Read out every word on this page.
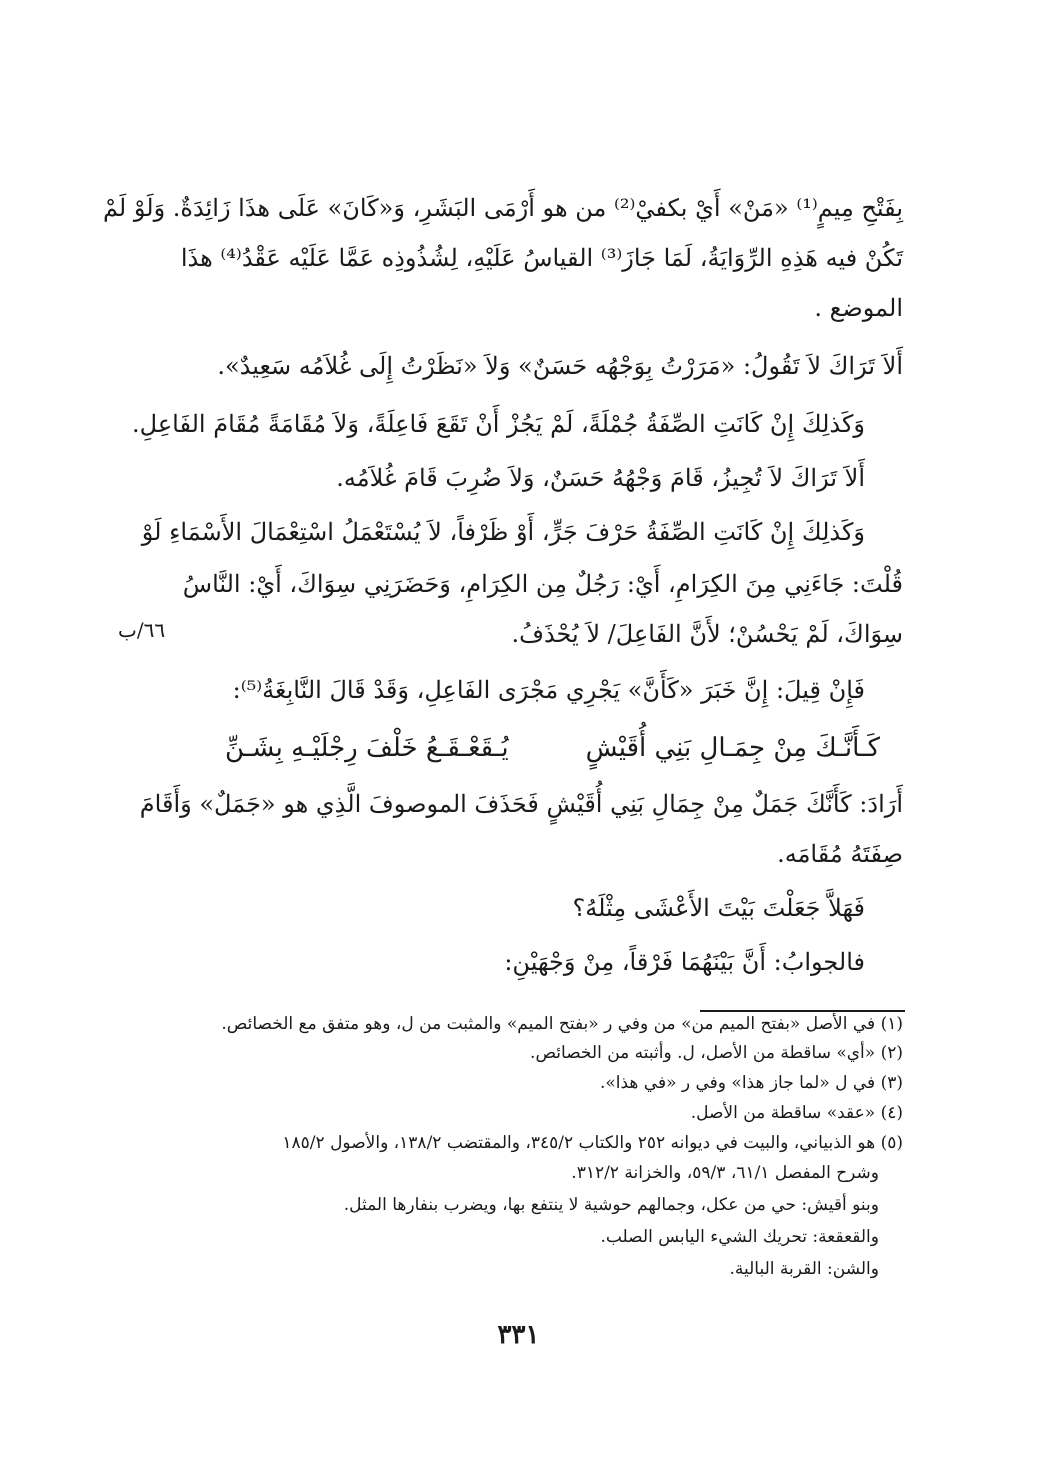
بِفَتْحِ مِيمٍ⁽¹⁾ «مَنْ» أَيْ بكفيْ⁽²⁾ من هو أَرْمَى البَشَرِ، وَ«كَانَ» عَلَى هذَا زَائِدَةٌ. وَلَوْ لَمْ
تَكُنْ فيه هَذِهِ الرِّوَايَةُ، لَمَا جَازَ⁽³⁾ القياسُ عَلَيْهِ، لِشُذُوذِه عَمَّا عَلَيْه عَقْدُ⁽⁴⁾ هذَا
الموضع .
أَلاَ تَرَاكَ لاَ تَقُولُ: «مَرَرْتُ بِوَجْهُه حَسَنٌ» وَلاَ «نَظَرْتُ إِلَى غُلاَمُه سَعِيدٌ».
وَكَذلِكَ إِنْ كَانَتِ الصِّفَةُ جُمْلَةً، لَمْ يَجُزْ أَنْ تَقَعَ فَاعِلَةً، وَلاَ مُقَامَةً مُقَامَ الفَاعِلِ.
أَلاَ تَرَاكَ لاَ تُجِيزُ، قَامَ وَجْهُهُ حَسَنٌ، وَلاَ ضُرِبَ قَامَ غُلاَمُه.
وَكَذلِكَ إِنْ كَانَتِ الصِّفَةُ حَرْفَ جَرٍّ، أَوْ ظَرْفاً، لاَ يُسْتَعْمَلُ اسْتِعْمَالَ الأَسْمَاءِ لَوْ
قُلْتَ: جَاءَنِي مِنَ الكِرَامِ، أَيْ: رَجُلٌ مِن الكِرَامِ، وَحَضَرَنِي سِوَاكَ، أَيْ: النَّاسُ
سِوَاكَ، لَمْ يَحْسُنْ؛ لأَنَّ الفَاعِلَ/ لاَ يُحْذَفُ.
فَإِنْ قِيلَ: إِنَّ خَبَرَ «كَأَنَّ» يَجْرِي مَجْرَى الفَاعِلِ، وَقَدْ قَالَ النَّابِغَةُ⁽⁵⁾:
أَرَادَ: كَأَنَّكَ جَمَلٌ مِنْ جِمَالِ بَنِي أُقَيْشٍ فَحَذَفَ الموصوفَ الَّذِي هو «جَمَلٌ» وَأَقَامَ
صِفَتَهُ مُقَامَه.
فَهَلاَّ جَعَلْتَ بَيْتَ الأَعْشَى مِثْلَهُ؟
فالجوابُ: أَنَّ بَيْنَهُمَا فَرْقاً، مِنْ وَجْهَيْنِ:
٦٦/ب
كَـأَنَّـكَ مِنْ جِمَـالِ بَنِي أُقَيْشٍ
يُـقَعْـقَـعُ خَلْفَ رِجْلَيْـهِ بِشَـنِّ
(١) في الأصل «بفتح الميم من» من وفي ر «بفتح الميم» والمثبت من ل، وهو متفق مع الخصائص.
(٢) «أي» ساقطة من الأصل، ل. وأثبته من الخصائص.
(٣) في ل «لما جاز هذا» وفي ر «في هذا».
(٤) «عقد» ساقطة من الأصل.
(٥) هو الذبياني، والبيت في ديوانه ٢٥٢ والكتاب ٣٤٥/٢، والمقتضب ١٣٨/٢، والأصول ١٨٥/٢
وشرح المفصل ٦١/١، ٥٩/٣، والخزانة ٣١٢/٢.
وبنو أقيش: حي من عكل، وجمالهم حوشية لا ينتفع بها، ويضرب بنفارها المثل.
والقعقعة: تحريك الشيء اليابس الصلب.
والشن: القربة البالية.
٣٣١
